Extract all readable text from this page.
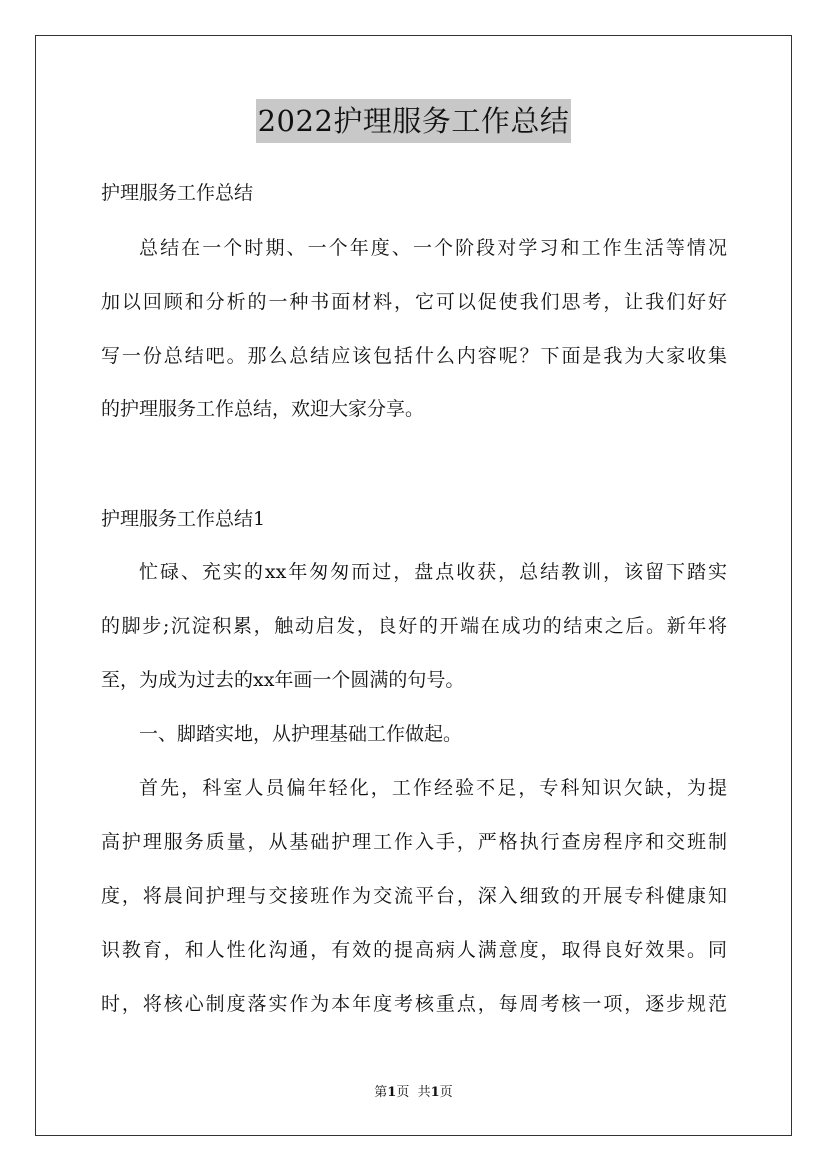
2022护理服务工作总结
护理服务工作总结
总结在一个时期、一个年度、一个阶段对学习和工作生活等情况
加以回顾和分析的一种书面材料，它可以促使我们思考，让我们好好
写一份总结吧。那么总结应该包括什么内容呢？下面是我为大家收集
的护理服务工作总结，欢迎大家分享。
护理服务工作总结1
忙碌、充实的xx年匆匆而过，盘点收获，总结教训，该留下踏实
的脚步;沉淀积累，触动启发，良好的开端在成功的结束之后。新年将
至，为成为过去的xx年画一个圆满的句号。
一、脚踏实地，从护理基础工作做起。
首先，科室人员偏年轻化，工作经验不足，专科知识欠缺，为提
高护理服务质量，从基础护理工作入手，严格执行查房程序和交班制
度，将晨间护理与交接班作为交流平台，深入细致的开展专科健康知
识教育，和人性化沟通，有效的提高病人满意度，取得良好效果。同
时，将核心制度落实作为本年度考核重点，每周考核一项，逐步规范
第1页 共1页
